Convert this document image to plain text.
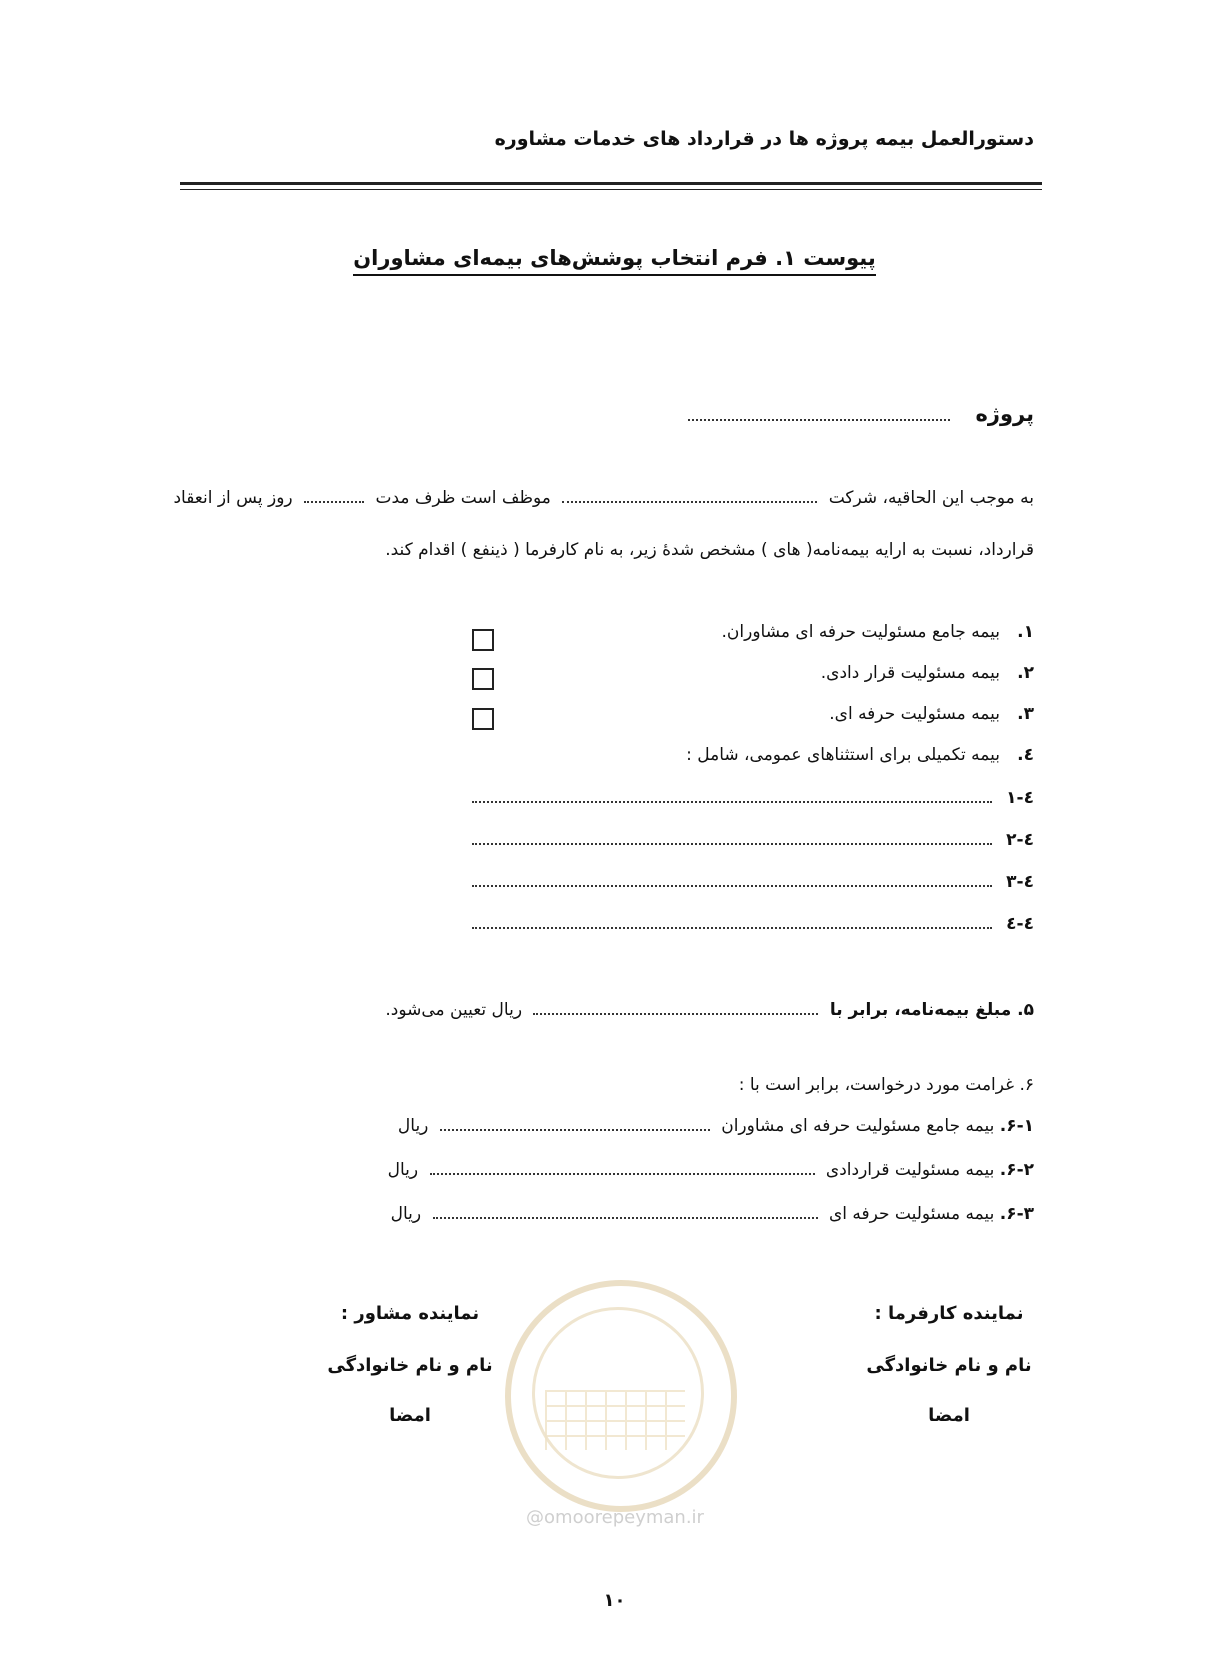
دستورالعمل بیمه پروژه ها در قرارداد های خدمات مشاوره
پیوست ۱. فرم انتخاب پوشش‌های بیمه‌ای مشاوران
پروژه
به موجب این الحاقیه، شرکت  موظف است ظرف مدت  روز پس از انعقاد
قرارداد، نسبت به ارایه بیمه‌نامه( های ) مشخص شدهٔ زیر، به نام کارفرما ( ذینفع ) اقدام کند.
۱.بیمه جامع مسئولیت حرفه ای مشاوران.
۲.بیمه مسئولیت قرار دادی.
۳.بیمه مسئولیت حرفه ای.
٤.بیمه تکمیلی برای استثناهای عمومی، شامل :
٤-۱
٤-۲
٤-۳
٤-٤
۵. مبلغ بیمه‌نامه، برابر با  ریال تعیین می‌شود.
۶. غرامت مورد درخواست، برابر است با :
۶-۱. بیمه جامع مسئولیت حرفه ای مشاوران  ریال
۶-۲. بیمه مسئولیت قراردادی  ریال
۶-۳. بیمه مسئولیت حرفه ای  ریال
@omoorepeyman.ir
نماینده کارفرما :
نام و نام خانوادگی
امضا
نماینده مشاور :
نام و نام خانوادگی
امضا
۱۰
